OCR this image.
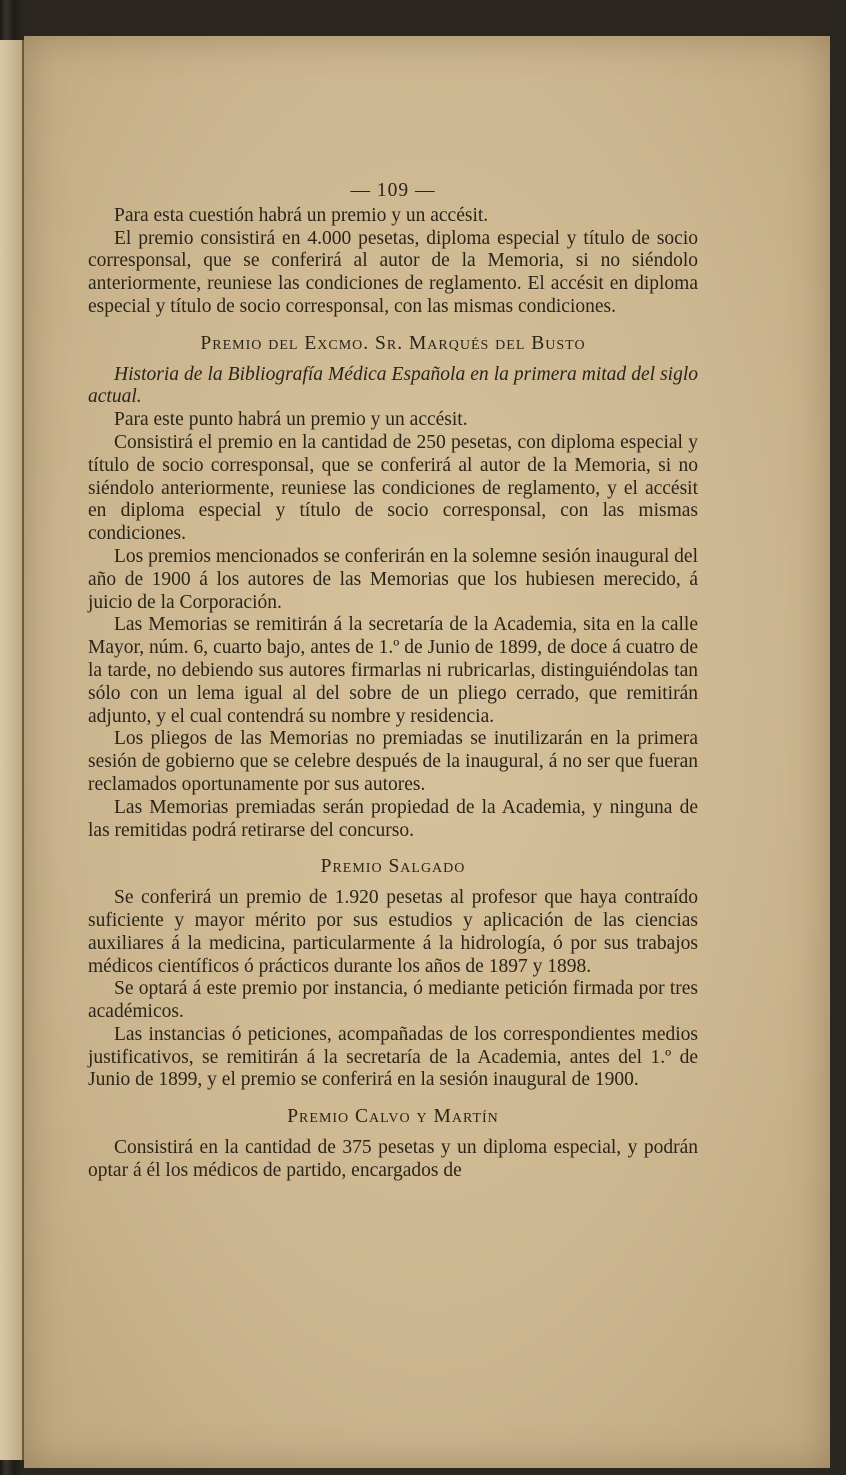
— 109 —

Para esta cuestión habrá un premio y un accésit.

El premio consistirá en 4.000 pesetas, diploma especial y título de socio corresponsal, que se conferirá al autor de la Memoria, si no siéndolo anteriormente, reuniese las condiciones de reglamento. El accésit en diploma especial y título de socio corresponsal, con las mismas condiciones.

Premio del Excmo. Sr. Marqués del Busto

Historia de la Bibliografía Médica Española en la primera mitad del siglo actual.

Para este punto habrá un premio y un accésit.

Consistirá el premio en la cantidad de 250 pesetas, con diploma especial y título de socio corresponsal, que se conferirá al autor de la Memoria, si no siéndolo anteriormente, reuniese las condiciones de reglamento, y el accésit en diploma especial y título de socio corresponsal, con las mismas condiciones.

Los premios mencionados se conferirán en la solemne sesión inaugural del año de 1900 á los autores de las Memorias que los hubiesen merecido, á juicio de la Corporación.

Las Memorias se remitirán á la secretaría de la Academia, sita en la calle Mayor, núm. 6, cuarto bajo, antes de 1.º de Junio de 1899, de doce á cuatro de la tarde, no debiendo sus autores firmarlas ni rubricarlas, distinguiéndolas tan sólo con un lema igual al del sobre de un pliego cerrado, que remitirán adjunto, y el cual contendrá su nombre y residencia.

Los pliegos de las Memorias no premiadas se inutilizarán en la primera sesión de gobierno que se celebre después de la inaugural, á no ser que fueran reclamados oportunamente por sus autores.

Las Memorias premiadas serán propiedad de la Academia, y ninguna de las remitidas podrá retirarse del concurso.

Premio Salgado

Se conferirá un premio de 1.920 pesetas al profesor que haya contraído suficiente y mayor mérito por sus estudios y aplicación de las ciencias auxiliares á la medicina, particularmente á la hidrología, ó por sus trabajos médicos científicos ó prácticos durante los años de 1897 y 1898.

Se optará á este premio por instancia, ó mediante petición firmada por tres académicos.

Las instancias ó peticiones, acompañadas de los correspondientes medios justificativos, se remitirán á la secretaría de la Academia, antes del 1.º de Junio de 1899, y el premio se conferirá en la sesión inaugural de 1900.

Premio Calvo y Martín

Consistirá en la cantidad de 375 pesetas y un diploma especial, y podrán optar á él los médicos de partido, encargados de
